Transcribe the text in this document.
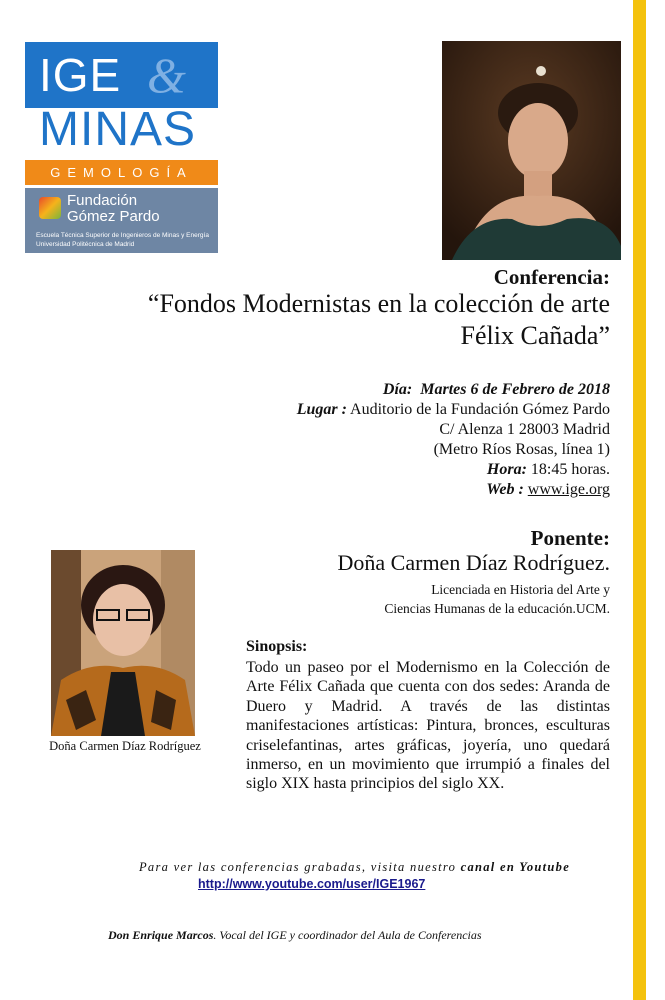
IGE &
MINAS
GEMOLOGÍA
Fundación
Gómez Pardo
Escuela Técnica Superior de Ingenieros de Minas y Energía
Universidad Politécnica de Madrid
Conferencia:
“Fondos Modernistas en la colección de arte
Félix Cañada”
Día: Martes 6 de Febrero de 2018
Lugar : Auditorio de la Fundación Gómez Pardo
C/ Alenza 1 28003 Madrid
(Metro Ríos Rosas, línea 1)
Hora: 18:45 horas.
Web : www.ige.org
Ponente:
Doña Carmen Díaz Rodríguez.
Licenciada en Historia del Arte y
Ciencias Humanas de la educación.UCM.
Doña Carmen Díaz Rodríguez
Sinopsis:
Todo un paseo por el Modernismo en la Colección de Arte Félix Cañada que cuenta con dos sedes: Aranda de Duero y Madrid. A través de las distintas manifestaciones artísticas: Pintura, bronces, esculturas criselefantinas, artes gráficas, joyería, uno quedará inmerso, en un movimiento que irrumpió a finales del siglo XIX hasta principios del siglo XX.
Para ver las conferencias grabadas, visita nuestro canal en Youtube
http://www.youtube.com/user/IGE1967
Don Enrique Marcos. Vocal del IGE y coordinador del Aula de Conferencias
